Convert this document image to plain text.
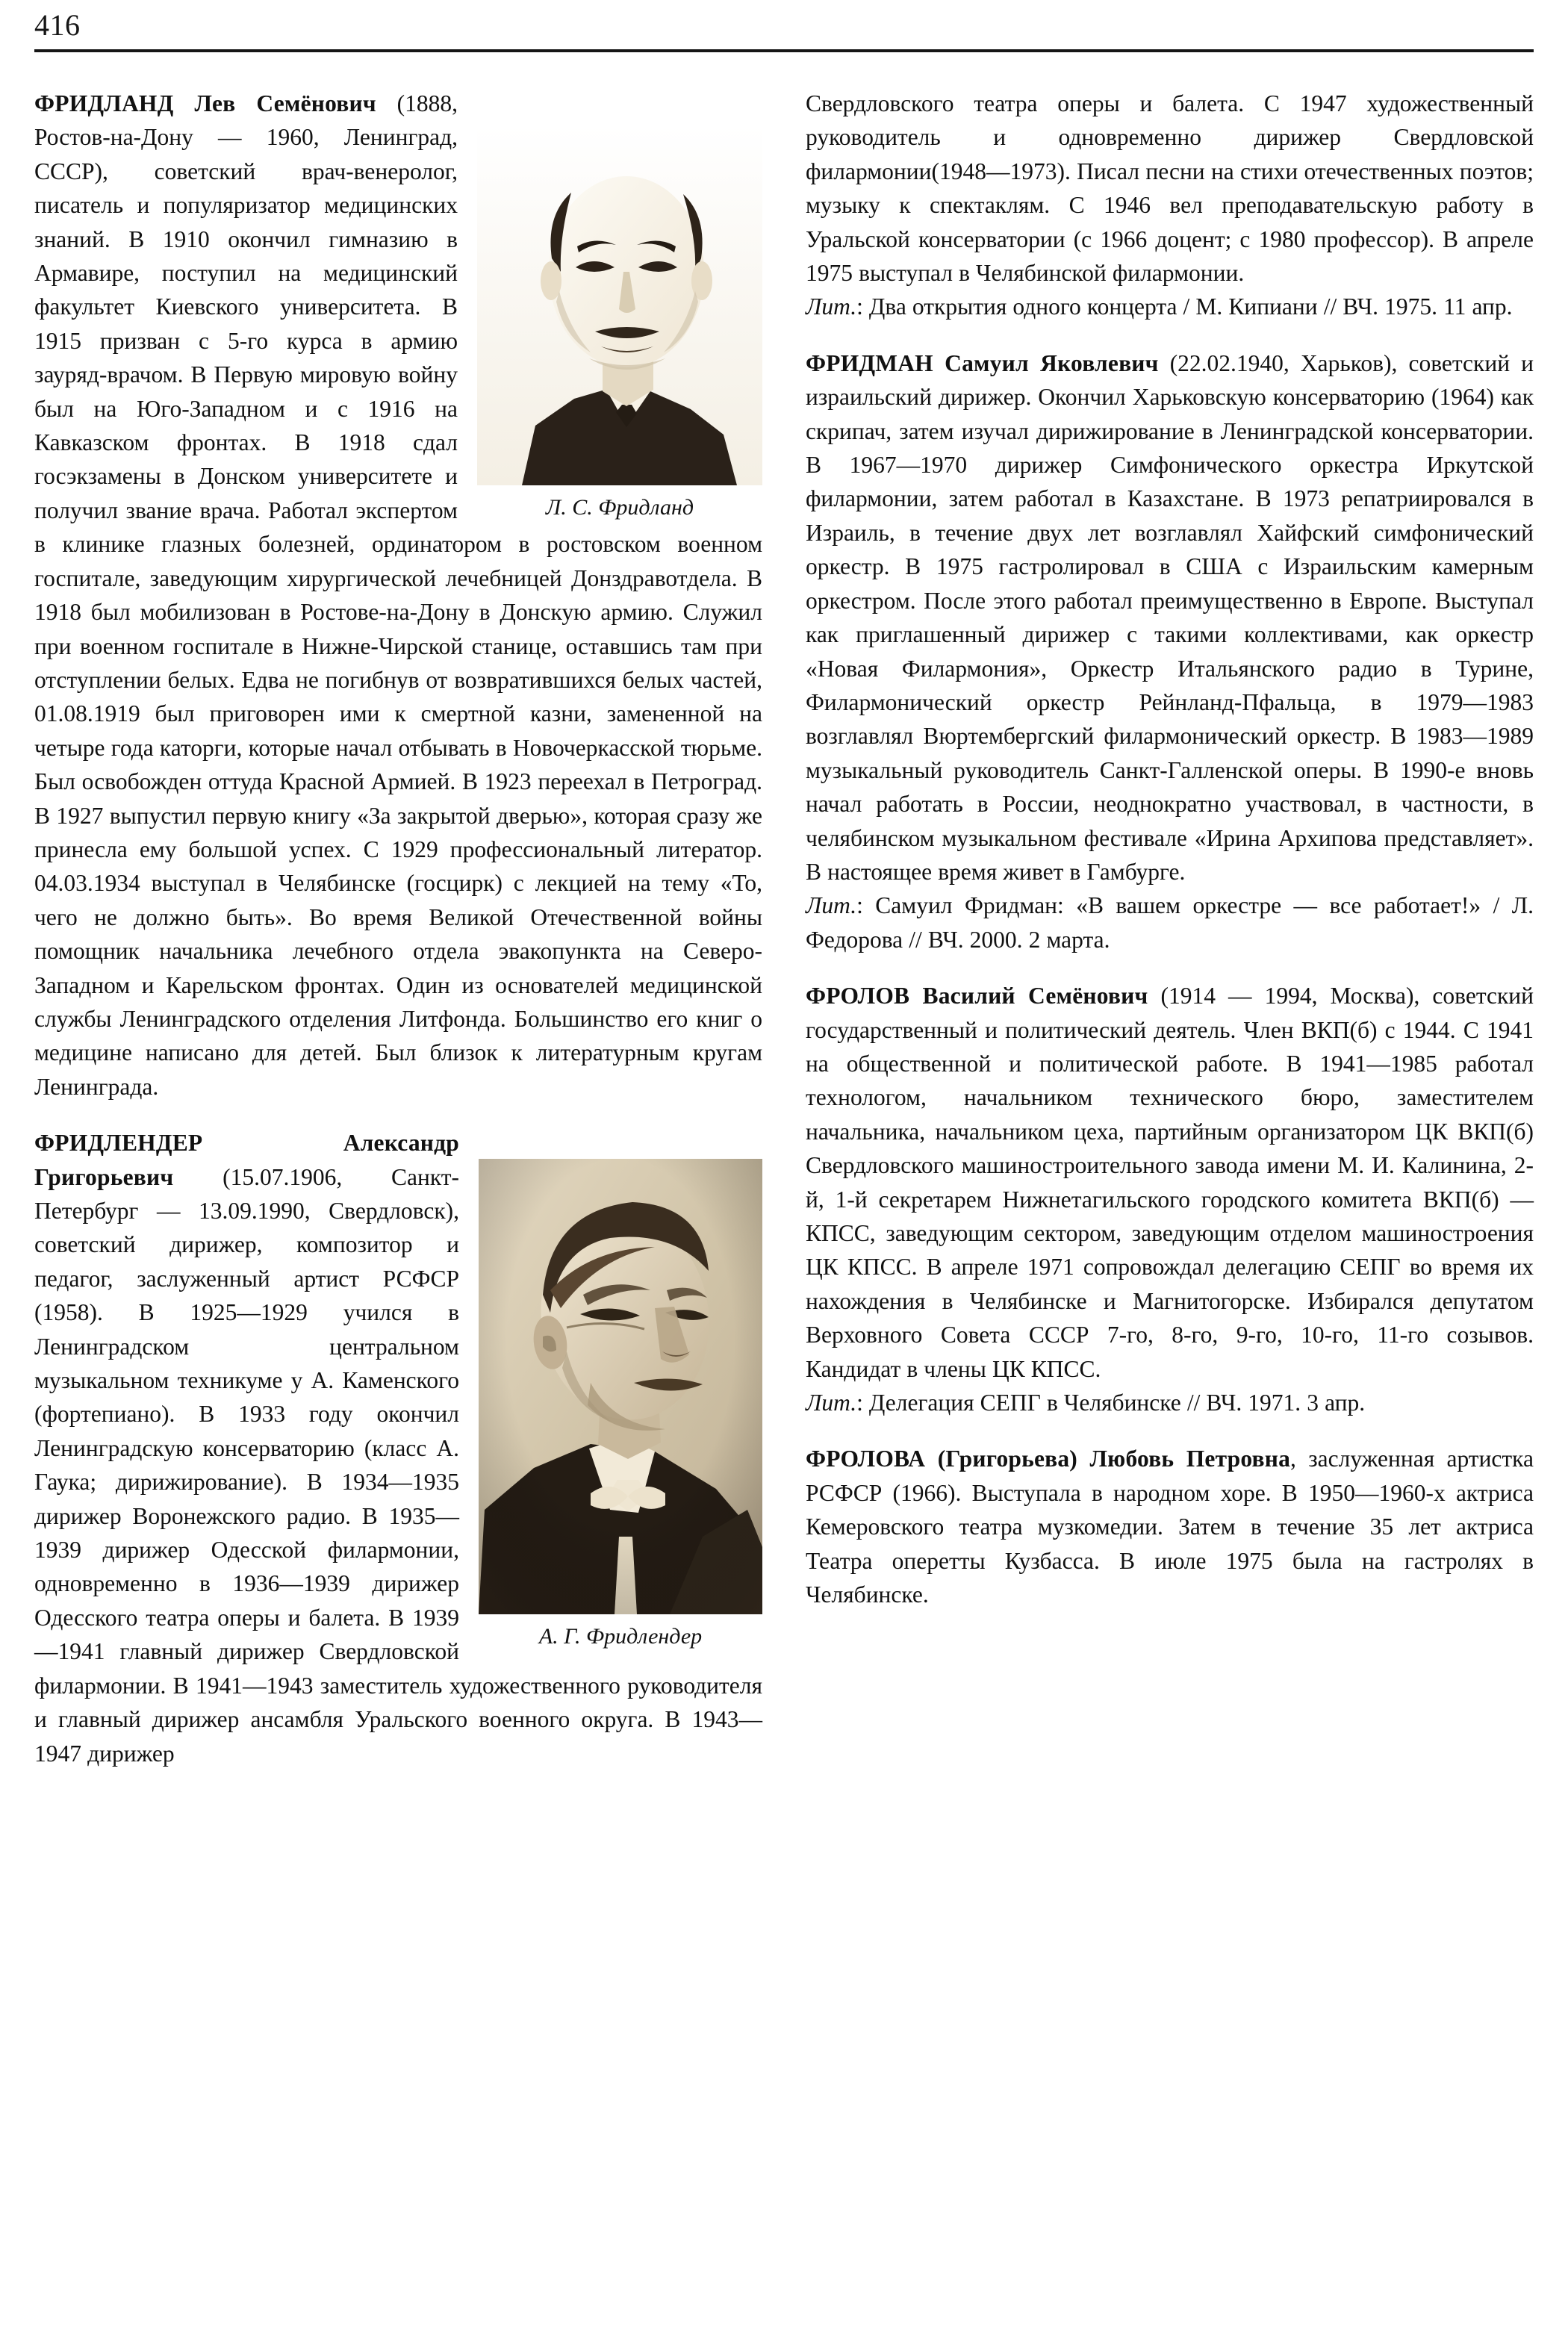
416
Л. С. Фридланд

ФРИДЛАНД Лев Семёнович (1888, Ростов-на-Дону — 1960, Ленинград, СССР), советский врач-венеролог, писатель и популяризатор медицинских знаний. В 1910 окончил гимназию в Армавире, поступил на медицинский факультет Киевского университета. В 1915 призван с 5-го курса в армию зауряд-врачом. В Первую мировую войну был на Юго-Западном и с 1916 на Кавказском фронтах. В 1918 сдал госэкзамены в Донском университете и получил звание врача. Работал экспертом в клинике глазных болезней, ординатором в ростовском военном госпитале, заведующим хирургической лечебницей Донздравотдела. В 1918 был мобилизован в Ростове-на-Дону в Донскую армию. Служил при военном госпитале в Нижне-Чирской станице, оставшись там при отступлении белых. Едва не погибнув от возвратившихся белых частей, 01.08.1919 был приговорен ими к смертной казни, замененной на четыре года каторги, которые начал отбывать в Новочеркасской тюрьме. Был освобожден оттуда Красной Армией. В 1923 переехал в Петроград. В 1927 выпустил первую книгу «За закрытой дверью», которая сразу же принесла ему большой успех. С 1929 профессиональный литератор. 04.03.1934 выступал в Челябинске (госцирк) с лекцией на тему «То, чего не должно быть». Во время Великой Отечественной войны помощник начальника лечебного отдела эвакопункта на Северо-Западном и Карельском фронтах. Один из основателей медицинской службы Ленинградского отделения Литфонда. Большинство его книг о медицине написано для детей. Был близок к литературным кругам Ленинграда.

А. Г. Фридлендер

ФРИДЛЕНДЕР	Александр Григорьевич (15.07.1906, Санкт-Петербург — 13.09.1990, Свердловск), советский дирижер, композитор и педагог, заслуженный артист РСФСР (1958). В 1925—1929 учился в Ленинградском центральном музыкальном техникуме у А. Каменского (фортепиано). В 1933 году окончил Ленинградскую консерваторию (класс А. Гаука; дирижирование). В 1934—1935 дирижер Воронежского радио. В 1935—1939 дирижер Одесской филармонии, одновременно в 1936—1939 дирижер Одесского театра оперы и балета. В 1939—1941 главный дирижер Свердловской филармонии. В 1941—1943 заместитель художественного руководителя и главный дирижер ансамбля Уральского военного округа. В 1943—1947 дирижер

Свердловского театра оперы и балета. С 1947 художественный руководитель и одновременно дирижер Свердловской филармонии(1948—1973). Писал песни на стихи отечественных поэтов; музыку к спектаклям. С 1946 вел преподавательскую работу в Уральской консерватории (с 1966 доцент; с 1980 профессор). В апреле 1975 выступал в Челябинской филармонии.

Лит.: Два открытия одного концерта / М. Кипиани // ВЧ. 1975. 11 апр.

ФРИДМАН Самуил Яковлевич (22.02.1940, Харьков), советский и израильский дирижер. Окончил Харьковскую консерваторию (1964) как скрипач, затем изучал дирижирование в Ленинградской консерватории. В 1967—1970 дирижер Симфонического оркестра Иркутской филармонии, затем работал в Казахстане. В 1973 репатриировался в Израиль, в течение двух лет возглавлял Хайфский симфонический оркестр. В 1975 гастролировал в США с Израильским камерным оркестром. После этого работал преимущественно в Европе. Выступал как приглашенный дирижер с такими коллективами, как оркестр «Новая Филармония», Оркестр Итальянского радио в Турине, Филармонический оркестр Рейнланд-Пфальца, в 1979—1983 возглавлял Вюртембергский филармонический оркестр. В 1983—1989 музыкальный руководитель Санкт-Галленской оперы. В 1990-е вновь начал работать в России, неоднократно участвовал, в частности, в челябинском музыкальном фестивале «Ирина Архипова представляет». В настоящее время живет в Гамбурге.

Лит.: Самуил Фридман: «В вашем оркестре — все работает!» / Л. Федорова // ВЧ. 2000. 2 марта.

ФРОЛОВ Василий Семёнович (1914 — 1994, Москва), советский государственный и политический деятель. Член ВКП(б) с 1944. С 1941 на общественной и политической работе. В 1941—1985 работал технологом, начальником технического бюро, заместителем начальника, начальником цеха, партийным организатором ЦК ВКП(б) Свердловского машиностроительного завода имени М. И. Калинина, 2-й, 1-й секретарем Нижнетагильского городского комитета ВКП(б) — КПСС, заведующим сектором, заведующим отделом машиностроения ЦК КПСС. В апреле 1971 сопровождал делегацию СЕПГ во время их нахождения в Челябинске и Магнитогорске. Избирался депутатом Верховного Совета СССР 7-го, 8-го, 9-го, 10-го, 11-го созывов. Кандидат в члены ЦК КПСС.

Лит.: Делегация СЕПГ в Челябинске // ВЧ. 1971. 3 апр.

ФРОЛОВА (Григорьева) Любовь Петровна, заслуженная артистка РСФСР (1966). Выступала в народном хоре. В 1950—1960-х актриса Кемеровского театра музкомедии. Затем в течение 35 лет актриса Театра оперетты Кузбасса. В июле 1975 была на гастролях в Челябинске.
